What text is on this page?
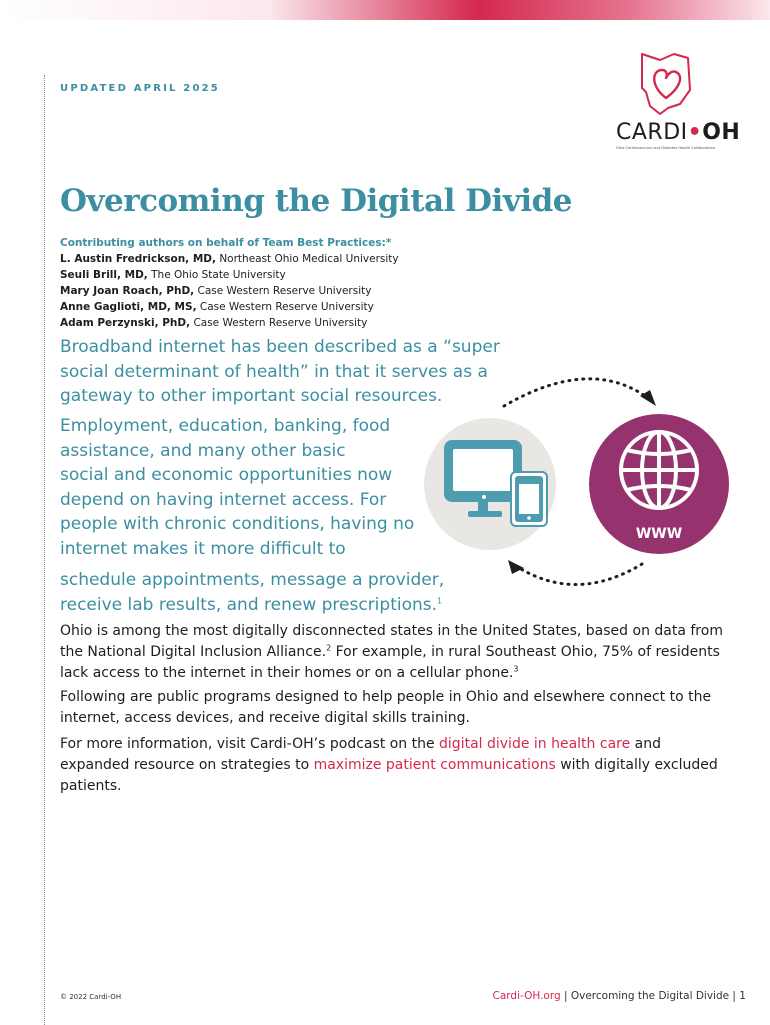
UPDATED APRIL 2025
CARDI•OH
Ohio Cardiovascular and Diabetes Health Collaborative
Overcoming the Digital Divide
Contributing authors on behalf of Team Best Practices:*
L. Austin Fredrickson, MD, Northeast Ohio Medical University
Seuli Brill, MD, The Ohio State University
Mary Joan Roach, PhD, Case Western Reserve University
Anne Gaglioti, MD, MS, Case Western Reserve University
Adam Perzynski, PhD, Case Western Reserve University
Broadband internet has been described as a “super
social determinant of health” in that it serves as a
gateway to other important social resources.
Employment, education, banking, food
assistance, and many other basic
social and economic opportunities now
depend on having internet access. For
people with chronic conditions, having no
internet makes it more difficult to
schedule appointments, message a provider,
receive lab results, and renew prescriptions.$^1$
WWW
Ohio is among the most digitally disconnected states in the United States, based on data from the National Digital Inclusion Alliance.$^2$ For example, in rural Southeast Ohio, 75% of residents lack access to the internet in their homes or on a cellular phone.$^3$
Following are public programs designed to help people in Ohio and elsewhere connect to the internet, access devices, and receive digital skills training.
For more information, visit Cardi-OH’s podcast on the digital divide in health care and expanded resource on strategies to maximize patient communications with digitally excluded patients.
© 2022 Cardi-OH	Cardi-OH.org | Overcoming the Digital Divide | 1
